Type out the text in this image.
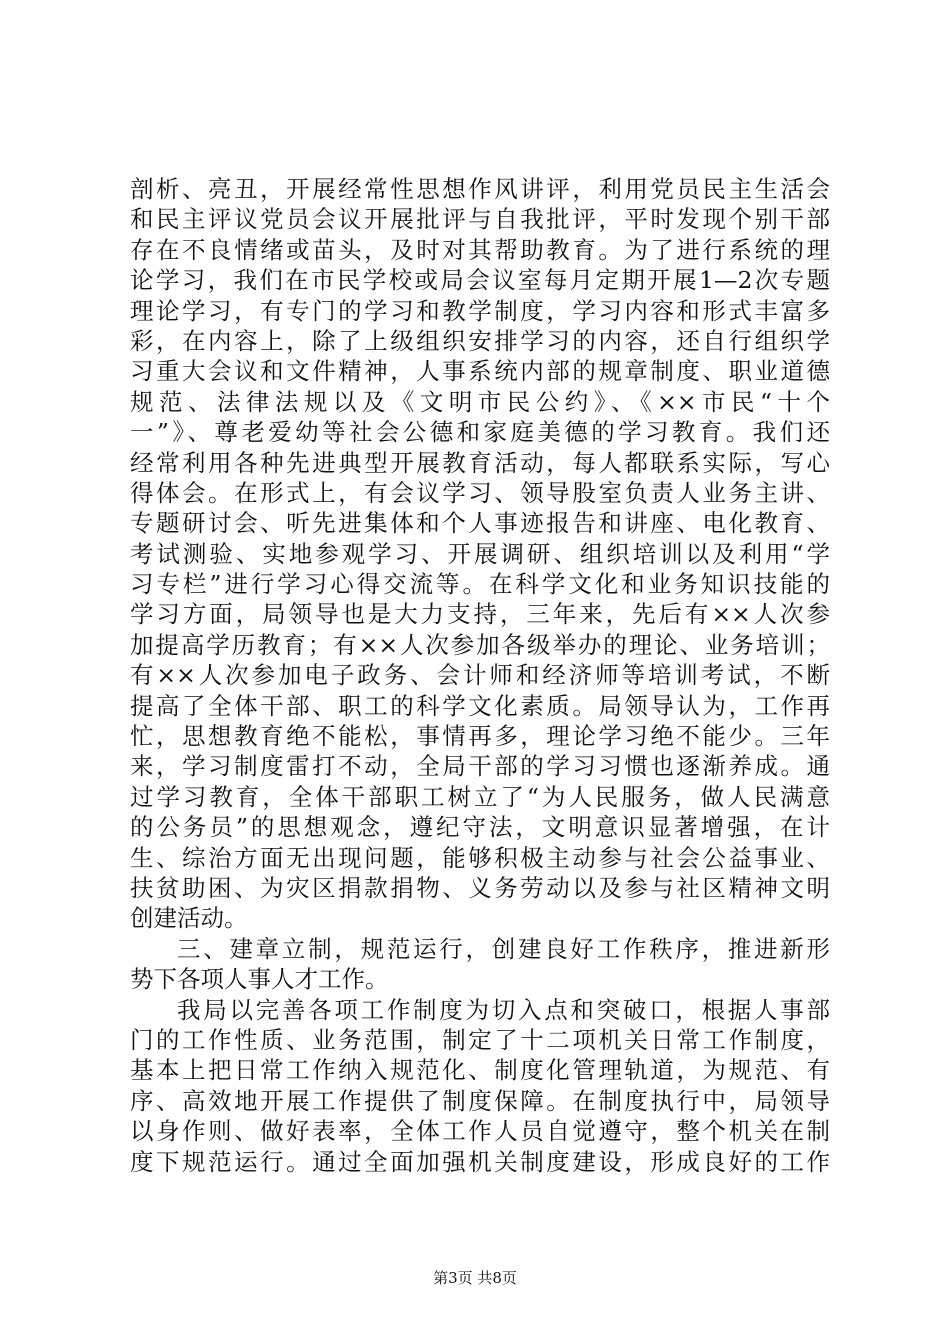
剖析、亮丑，开展经常性思想作风讲评，利用党员民主生活会
和民主评议党员会议开展批评与自我批评，平时发现个别干部
存在不良情绪或苗头，及时对其帮助教育。为了进行系统的理
论学习，我们在市民学校或局会议室每月定期开展1—2次专题
理论学习，有专门的学习和教学制度，学习内容和形式丰富多
彩，在内容上，除了上级组织安排学习的内容，还自行组织学
习重大会议和文件精神，人事系统内部的规章制度、职业道德
规范、法律法规以及《文明市民公约》、《××市民“十个
一”》、尊老爱幼等社会公德和家庭美德的学习教育。我们还
经常利用各种先进典型开展教育活动，每人都联系实际，写心
得体会。在形式上，有会议学习、领导股室负责人业务主讲、
专题研讨会、听先进集体和个人事迹报告和讲座、电化教育、
考试测验、实地参观学习、开展调研、组织培训以及利用“学
习专栏”进行学习心得交流等。在科学文化和业务知识技能的
学习方面，局领导也是大力支持，三年来，先后有××人次参
加提高学历教育；有××人次参加各级举办的理论、业务培训；
有××人次参加电子政务、会计师和经济师等培训考试，不断
提高了全体干部、职工的科学文化素质。局领导认为，工作再
忙，思想教育绝不能松，事情再多，理论学习绝不能少。三年
来，学习制度雷打不动，全局干部的学习习惯也逐渐养成。通
过学习教育，全体干部职工树立了“为人民服务，做人民满意
的公务员”的思想观念，遵纪守法，文明意识显著增强，在计
生、综治方面无出现问题，能够积极主动参与社会公益事业、
扶贫助困、为灾区捐款捐物、义务劳动以及参与社区精神文明
创建活动。
三、建章立制，规范运行，创建良好工作秩序，推进新形
势下各项人事人才工作。
我局以完善各项工作制度为切入点和突破口，根据人事部
门的工作性质、业务范围，制定了十二项机关日常工作制度，
基本上把日常工作纳入规范化、制度化管理轨道，为规范、有
序、高效地开展工作提供了制度保障。在制度执行中，局领导
以身作则、做好表率，全体工作人员自觉遵守，整个机关在制
度下规范运行。通过全面加强机关制度建设，形成良好的工作
第3页 共8页
